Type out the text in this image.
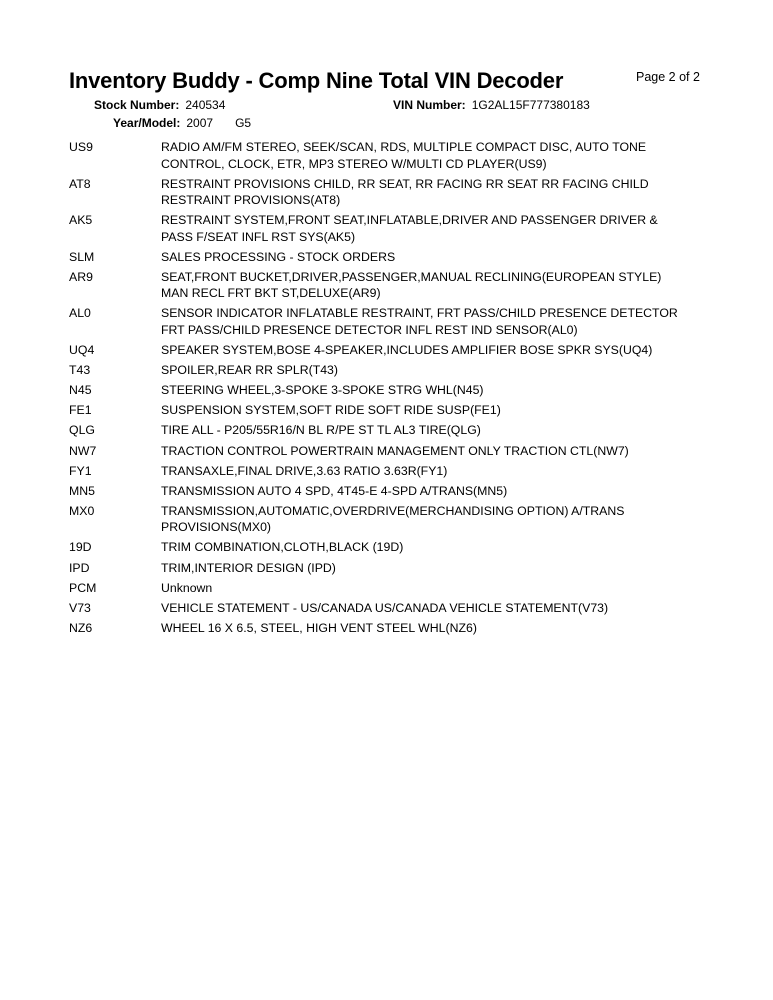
Inventory Buddy - Comp Nine Total VIN Decoder	Page 2 of 2
Stock Number: 240534	VIN Number: 1G2AL15F777380183
Year/Model: 2007 G5
US9	RADIO AM/FM STEREO, SEEK/SCAN, RDS, MULTIPLE COMPACT DISC, AUTO TONE
CONTROL, CLOCK, ETR, MP3 STEREO W/MULTI CD PLAYER(US9)
AT8	RESTRAINT PROVISIONS CHILD, RR SEAT, RR FACING RR SEAT RR FACING CHILD
RESTRAINT PROVISIONS(AT8)
AK5	RESTRAINT SYSTEM,FRONT SEAT,INFLATABLE,DRIVER AND PASSENGER DRIVER &
PASS F/SEAT INFL RST SYS(AK5)
SLM	SALES PROCESSING - STOCK ORDERS
AR9	SEAT,FRONT BUCKET,DRIVER,PASSENGER,MANUAL RECLINING(EUROPEAN STYLE)
MAN RECL FRT BKT ST,DELUXE(AR9)
AL0	SENSOR INDICATOR INFLATABLE RESTRAINT, FRT PASS/CHILD PRESENCE DETECTOR
FRT PASS/CHILD PRESENCE DETECTOR INFL REST IND SENSOR(AL0)
UQ4	SPEAKER SYSTEM,BOSE 4-SPEAKER,INCLUDES AMPLIFIER BOSE SPKR SYS(UQ4)
T43	SPOILER,REAR RR SPLR(T43)
N45	STEERING WHEEL,3-SPOKE 3-SPOKE STRG WHL(N45)
FE1	SUSPENSION SYSTEM,SOFT RIDE SOFT RIDE SUSP(FE1)
QLG	TIRE ALL - P205/55R16/N BL R/PE ST TL AL3 TIRE(QLG)
NW7	TRACTION CONTROL POWERTRAIN MANAGEMENT ONLY TRACTION CTL(NW7)
FY1	TRANSAXLE,FINAL DRIVE,3.63 RATIO 3.63R(FY1)
MN5	TRANSMISSION AUTO 4 SPD, 4T45-E 4-SPD A/TRANS(MN5)
MX0	TRANSMISSION,AUTOMATIC,OVERDRIVE(MERCHANDISING OPTION) A/TRANS
PROVISIONS(MX0)
19D	TRIM COMBINATION,CLOTH,BLACK (19D)
IPD	TRIM,INTERIOR DESIGN (IPD)
PCM	Unknown
V73	VEHICLE STATEMENT - US/CANADA US/CANADA VEHICLE STATEMENT(V73)
NZ6	WHEEL 16 X 6.5, STEEL, HIGH VENT STEEL WHL(NZ6)
